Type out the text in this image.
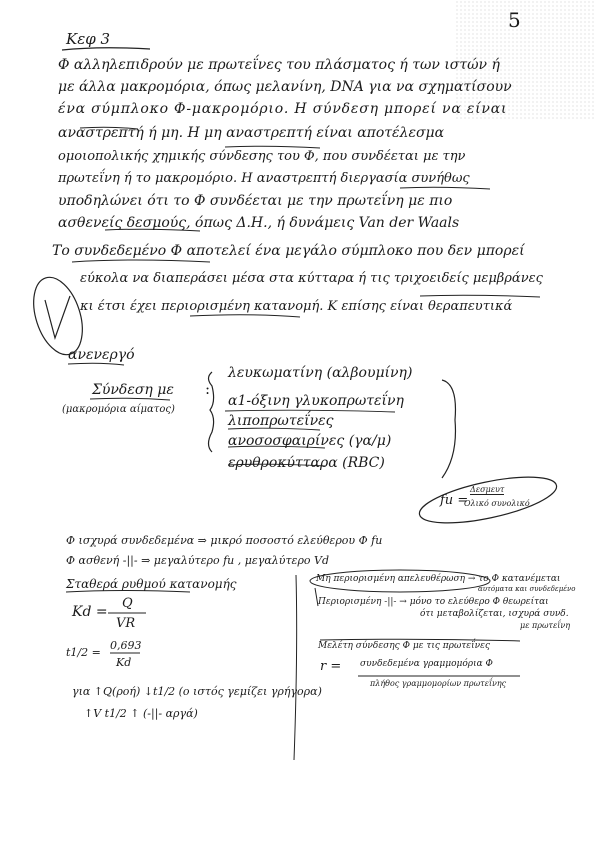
5
Κεφ 3
Φ αλληλεπιδρούν με πρωτεΐνες του πλάσματος ή των ιστών ή
με άλλα μακρομόρια, όπως μελανίνη, DNA για να σχηματίσουν
ένα σύμπλοκο Φ-μακρομόριο. Η σύνδεση μπορεί να είναι
αναστρεπτή ή μη. Η μη αναστρεπτή είναι αποτέλεσμα
ομοιοπολικής χημικής σύνδεσης του Φ, που συνδέεται με την
πρωτεΐνη ή το μακρομόριο. Η αναστρεπτή διεργασία συνήθως
υποδηλώνει ότι το Φ συνδέεται με την πρωτεΐνη με πιο
ασθενείς δεσμούς, όπως Δ.Η., ή δυνάμεις Van der Waals
Το συνδεδεμένο Φ αποτελεί ένα μεγάλο σύμπλοκο που δεν μπορεί
εύκολα να διαπεράσει μέσα στα κύτταρα ή τις τριχοειδείς μεμβράνες
κι έτσι έχει περιορισμένη κατανομή. Κ επίσης είναι θεραπευτικά
ανενεργό
Σύνδεση με
(μακρομόρια αίματος)
:
λευκωματίνη (αλβουμίνη)
α1-όξινη γλυκοπρωτεΐνη
λιποπρωτεΐνες
ανοσοσφαιρίνες (γα/μ)
ερυθροκύτταρα (RBC)
fu =
Δεσμευτ
Ολικό συνολικό
Φ ισχυρά συνδεδεμένα ⇒ μικρό ποσοστό ελεύθερου Φ fu
Φ ασθενή -||- ⇒ μεγαλύτερο fu , μεγαλύτερο Vd
Σταθερά ρυθμού κατανομής
Kd =
Q
VR
t1/2 =
0,693
Kd
για ↑Q(ροή) ↓t1/2 (ο ιστός γεμίζει γρήγορα)
↑V t1/2 ↑ (-||- αργά)
Μη περιορισμένη απελευθέρωση → το Φ κατανέμεται
αυτόματα και συνδεδεμένο
Περιορισμένη -||- → μόνο το ελεύθερο Φ θεωρείται
ότι μεταβολίζεται, ισχυρά συνδ.
με πρωτεΐνη
Μελέτη σύνδεσης Φ με τις πρωτεΐνες
r = συνδεδεμένα γραμμομόρια Φ
πλήθος γραμμομορίων πρωτεΐνης
